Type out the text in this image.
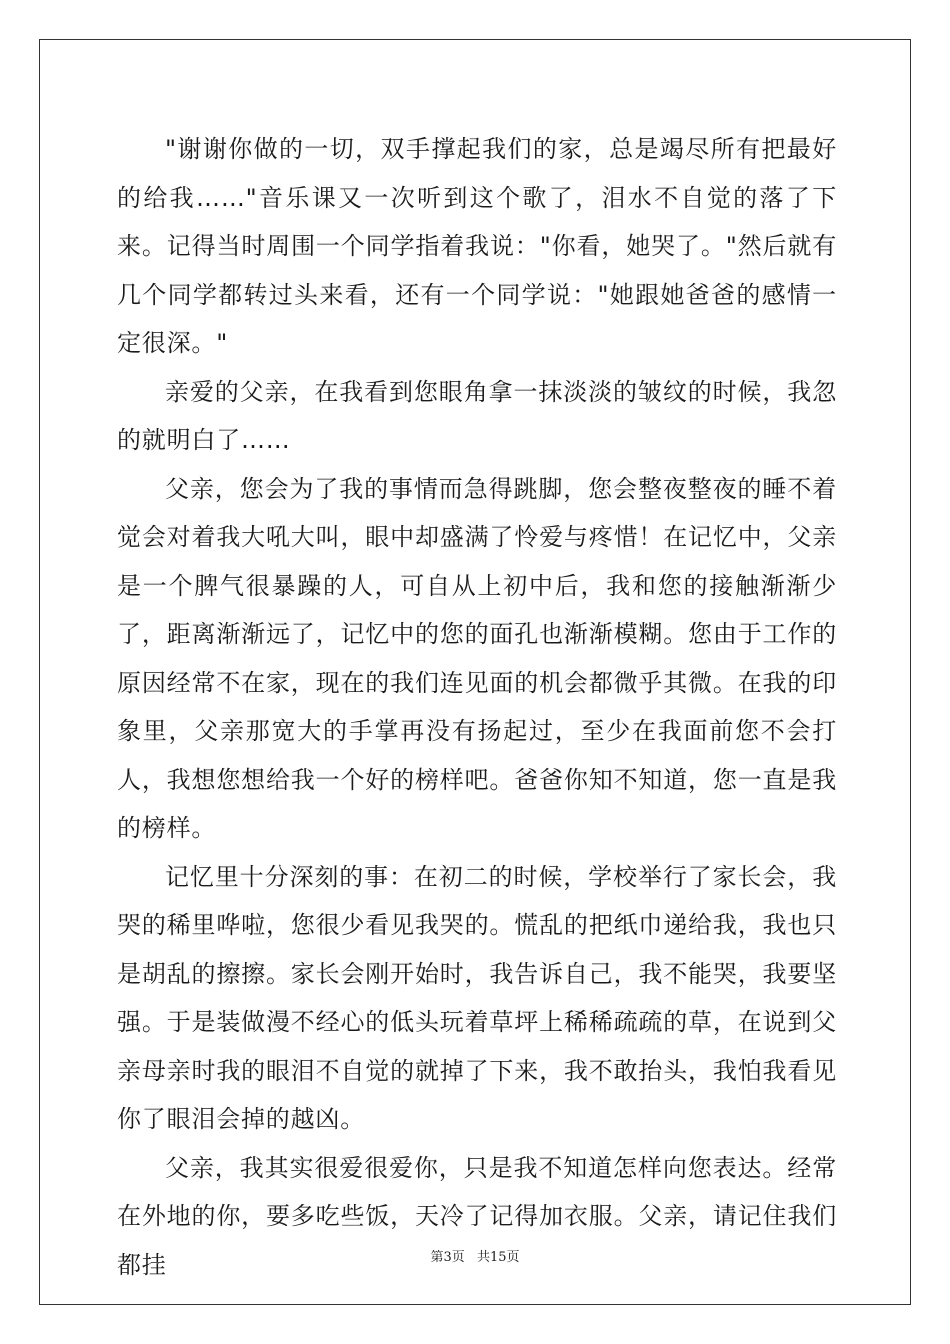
"谢谢你做的一切，双手撑起我们的家，总是竭尽所有把最好的给我……"音乐课又一次听到这个歌了，泪水不自觉的落了下来。记得当时周围一个同学指着我说："你看，她哭了。"然后就有几个同学都转过头来看，还有一个同学说："她跟她爸爸的感情一定很深。"

亲爱的父亲，在我看到您眼角拿一抹淡淡的皱纹的时候，我忽的就明白了……

父亲，您会为了我的事情而急得跳脚，您会整夜整夜的睡不着觉会对着我大吼大叫，眼中却盛满了怜爱与疼惜！在记忆中，父亲是一个脾气很暴躁的人，可自从上初中后，我和您的接触渐渐少了，距离渐渐远了，记忆中的您的面孔也渐渐模糊。您由于工作的原因经常不在家，现在的我们连见面的机会都微乎其微。在我的印象里，父亲那宽大的手掌再没有扬起过，至少在我面前您不会打人，我想您想给我一个好的榜样吧。爸爸你知不知道，您一直是我的榜样。

记忆里十分深刻的事：在初二的时候，学校举行了家长会，我哭的稀里哗啦，您很少看见我哭的。慌乱的把纸巾递给我，我也只是胡乱的擦擦。家长会刚开始时，我告诉自己，我不能哭，我要坚强。于是装做漫不经心的低头玩着草坪上稀稀疏疏的草，在说到父亲母亲时我的眼泪不自觉的就掉了下来，我不敢抬头，我怕我看见你了眼泪会掉的越凶。

父亲，我其实很爱很爱你，只是我不知道怎样向您表达。经常在外地的你，要多吃些饭，天冷了记得加衣服。父亲，请记住我们都挂	第3页 共15页
